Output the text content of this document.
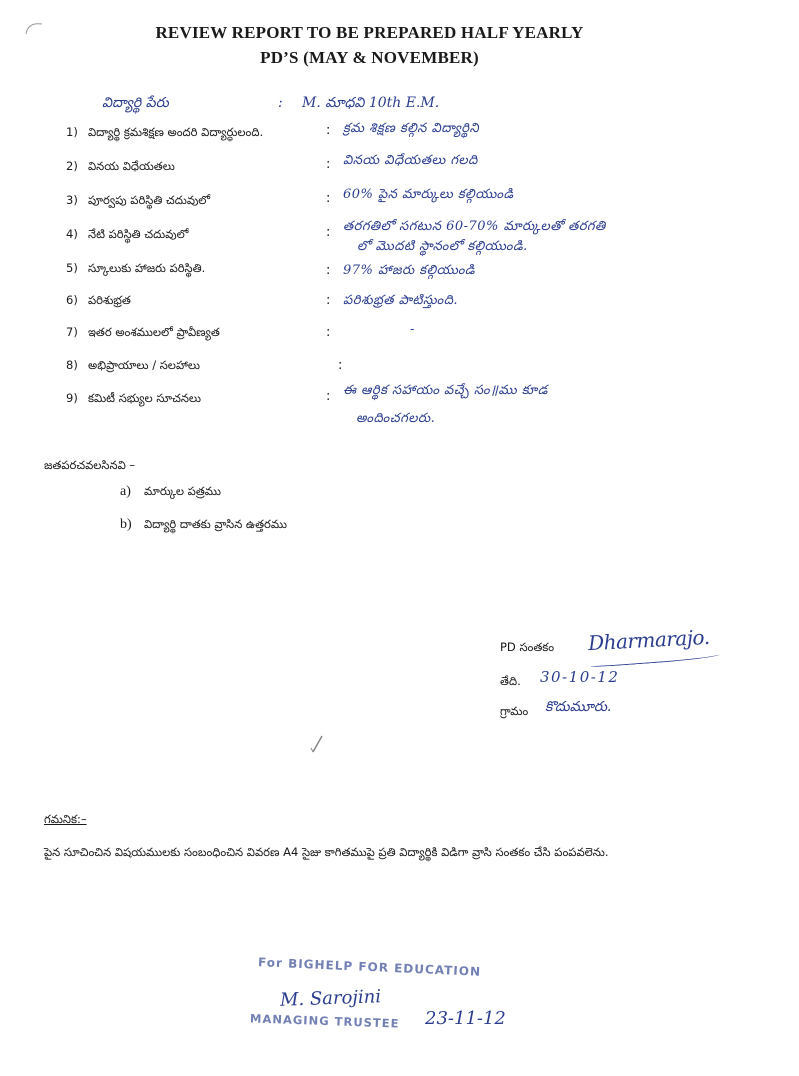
REVIEW REPORT TO BE PREPARED HALF YEARLY
PD’S (MAY & NOVEMBER)
విద్యార్థి పేరు	: M. మాధవి 10th E.M.
1) విద్యార్థి క్రమశిక్షణ అందరి విద్యార్ధులంది.	: క్రమ శిక్షణ కల్గిన విద్యార్థిని
2) వినయ విధేయతలు	: వినయ విధేయతలు గలది
3) పూర్వపు పరిస్థితి చదువులో	: 60% పైన మార్కులు కల్గియుండి
4) నేటి పరిస్థితి చదువులో	: తరగతిలో సగటున 60-70% మార్కులతో తరగతి
లో మొదటి స్థానంలో కల్గియుండి.
5) స్కూలుకు హాజరు పరిస్థితి.	: 97% హాజరు కల్గియుండి
6) పరిశుభ్రత	: పరిశుభ్రత పాటిస్తుంది.
7) ఇతర అంశములలో ప్రావీణ్యత	:	-
8) అభిప్రాయాలు / సలహాలు	:
9) కమిటీ సభ్యుల సూచనలు	: ఈ ఆర్థిక సహాయం వచ్చే సం॥ము కూడ
అందించగలరు.
జతపరచవలసినవి –
a) మార్కుల పత్రము
b) విద్యార్థి దాతకు వ్రాసిన ఉత్తరము
PD సంతకం Dharmarajo.
తేది. 30-10-12
గ్రామం కొదుమూరు.
గమనిక:–
పైన సూచించిన విషయములకు సంబంధించిన వివరణ A4 సైజు కాగితముపై ప్రతి విద్యార్థికి విడిగా వ్రాసి సంతకం చేసి పంపవలెను.
For BIGHELP FOR EDUCATION
M. Sarojini
23-11-12
MANAGING TRUSTEE
